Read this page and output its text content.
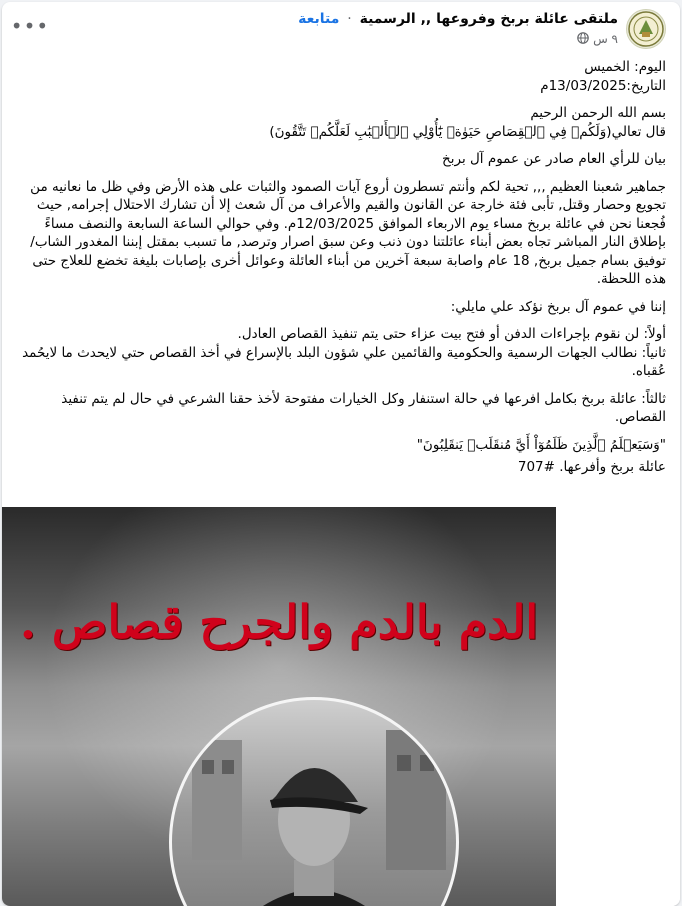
ملتقى عائلة بربخ وفروعها ,, الرسمية · متابعة
٩ س
•••

اليوم: الخميس
التاريخ:13/03/2025م

بسم الله الرحمن الرحيم
قال تعالي(وَلَكُمۡ فِي ٱلۡقِصَاصِ حَيَوٰةٞ يَٰٓأُوْلِي ٱلۡأَلۡبَٰبِ لَعَلَّكُمۡ تَتَّقُونَ)

بيان للرأي العام صادر عن عموم آل بربخ

جماهير شعبنا العظيم ,,, تحية لكم وأنتم تسطرون أروع آيات الصمود والثبات على هذه الأرض وفي ظل ما نعانيه من تجويع وحصار وقتل, تأبى فئة خارجة عن القانون والقيم والأعراف من آل شعث إلا أن تشارك الاحتلال إجرامه, حيث فُجعنا نحن في عائلة بربخ مساء يوم الاربعاء الموافق 12/03/2025م. وفي حوالي الساعة السابعة والنصف مساءً بإطلاق النار المباشر تجاه بعض أبناء عائلتنا دون ذنب وعن سبق اصرار وترصد, ما تسبب بمقتل إبننا المغدور الشاب/ توفيق بسام جميل بربخ, 18 عام واصابة سبعة آخرين من أبناء العائلة وعوائل أخرى بإصابات بليغة تخضع للعلاج حتى هذه اللحظة.

إننا في عموم آل بربخ نؤكد علي مايلي:

أولاً: لن نقوم بإجراءات الدفن أو فتح بيت عزاء حتى يتم تنفيذ القصاص العادل.
ثانياً: نطالب الجهات الرسمية والحكومية والقائمين علي شؤون البلد بالإسراع في أخذ القصاص حتي لايحدث ما لايحُمد عُقباه.

ثالثاً: عائلة بربخ بكامل افرعها في حالة استنفار وكل الخيارات مفتوحة لأخذ حقنا الشرعي في حال لم يتم تنفيذ القصاص.

"وَسَيَعۡلَمُ ٱلَّذِينَ ظَلَمُوٓاْ أَيَّ مُنقَلَبٖ يَنقَلِبُونَ"

عائلة بربخ وأفرعها. #707

الدم بالدم والجرح قصاص .
